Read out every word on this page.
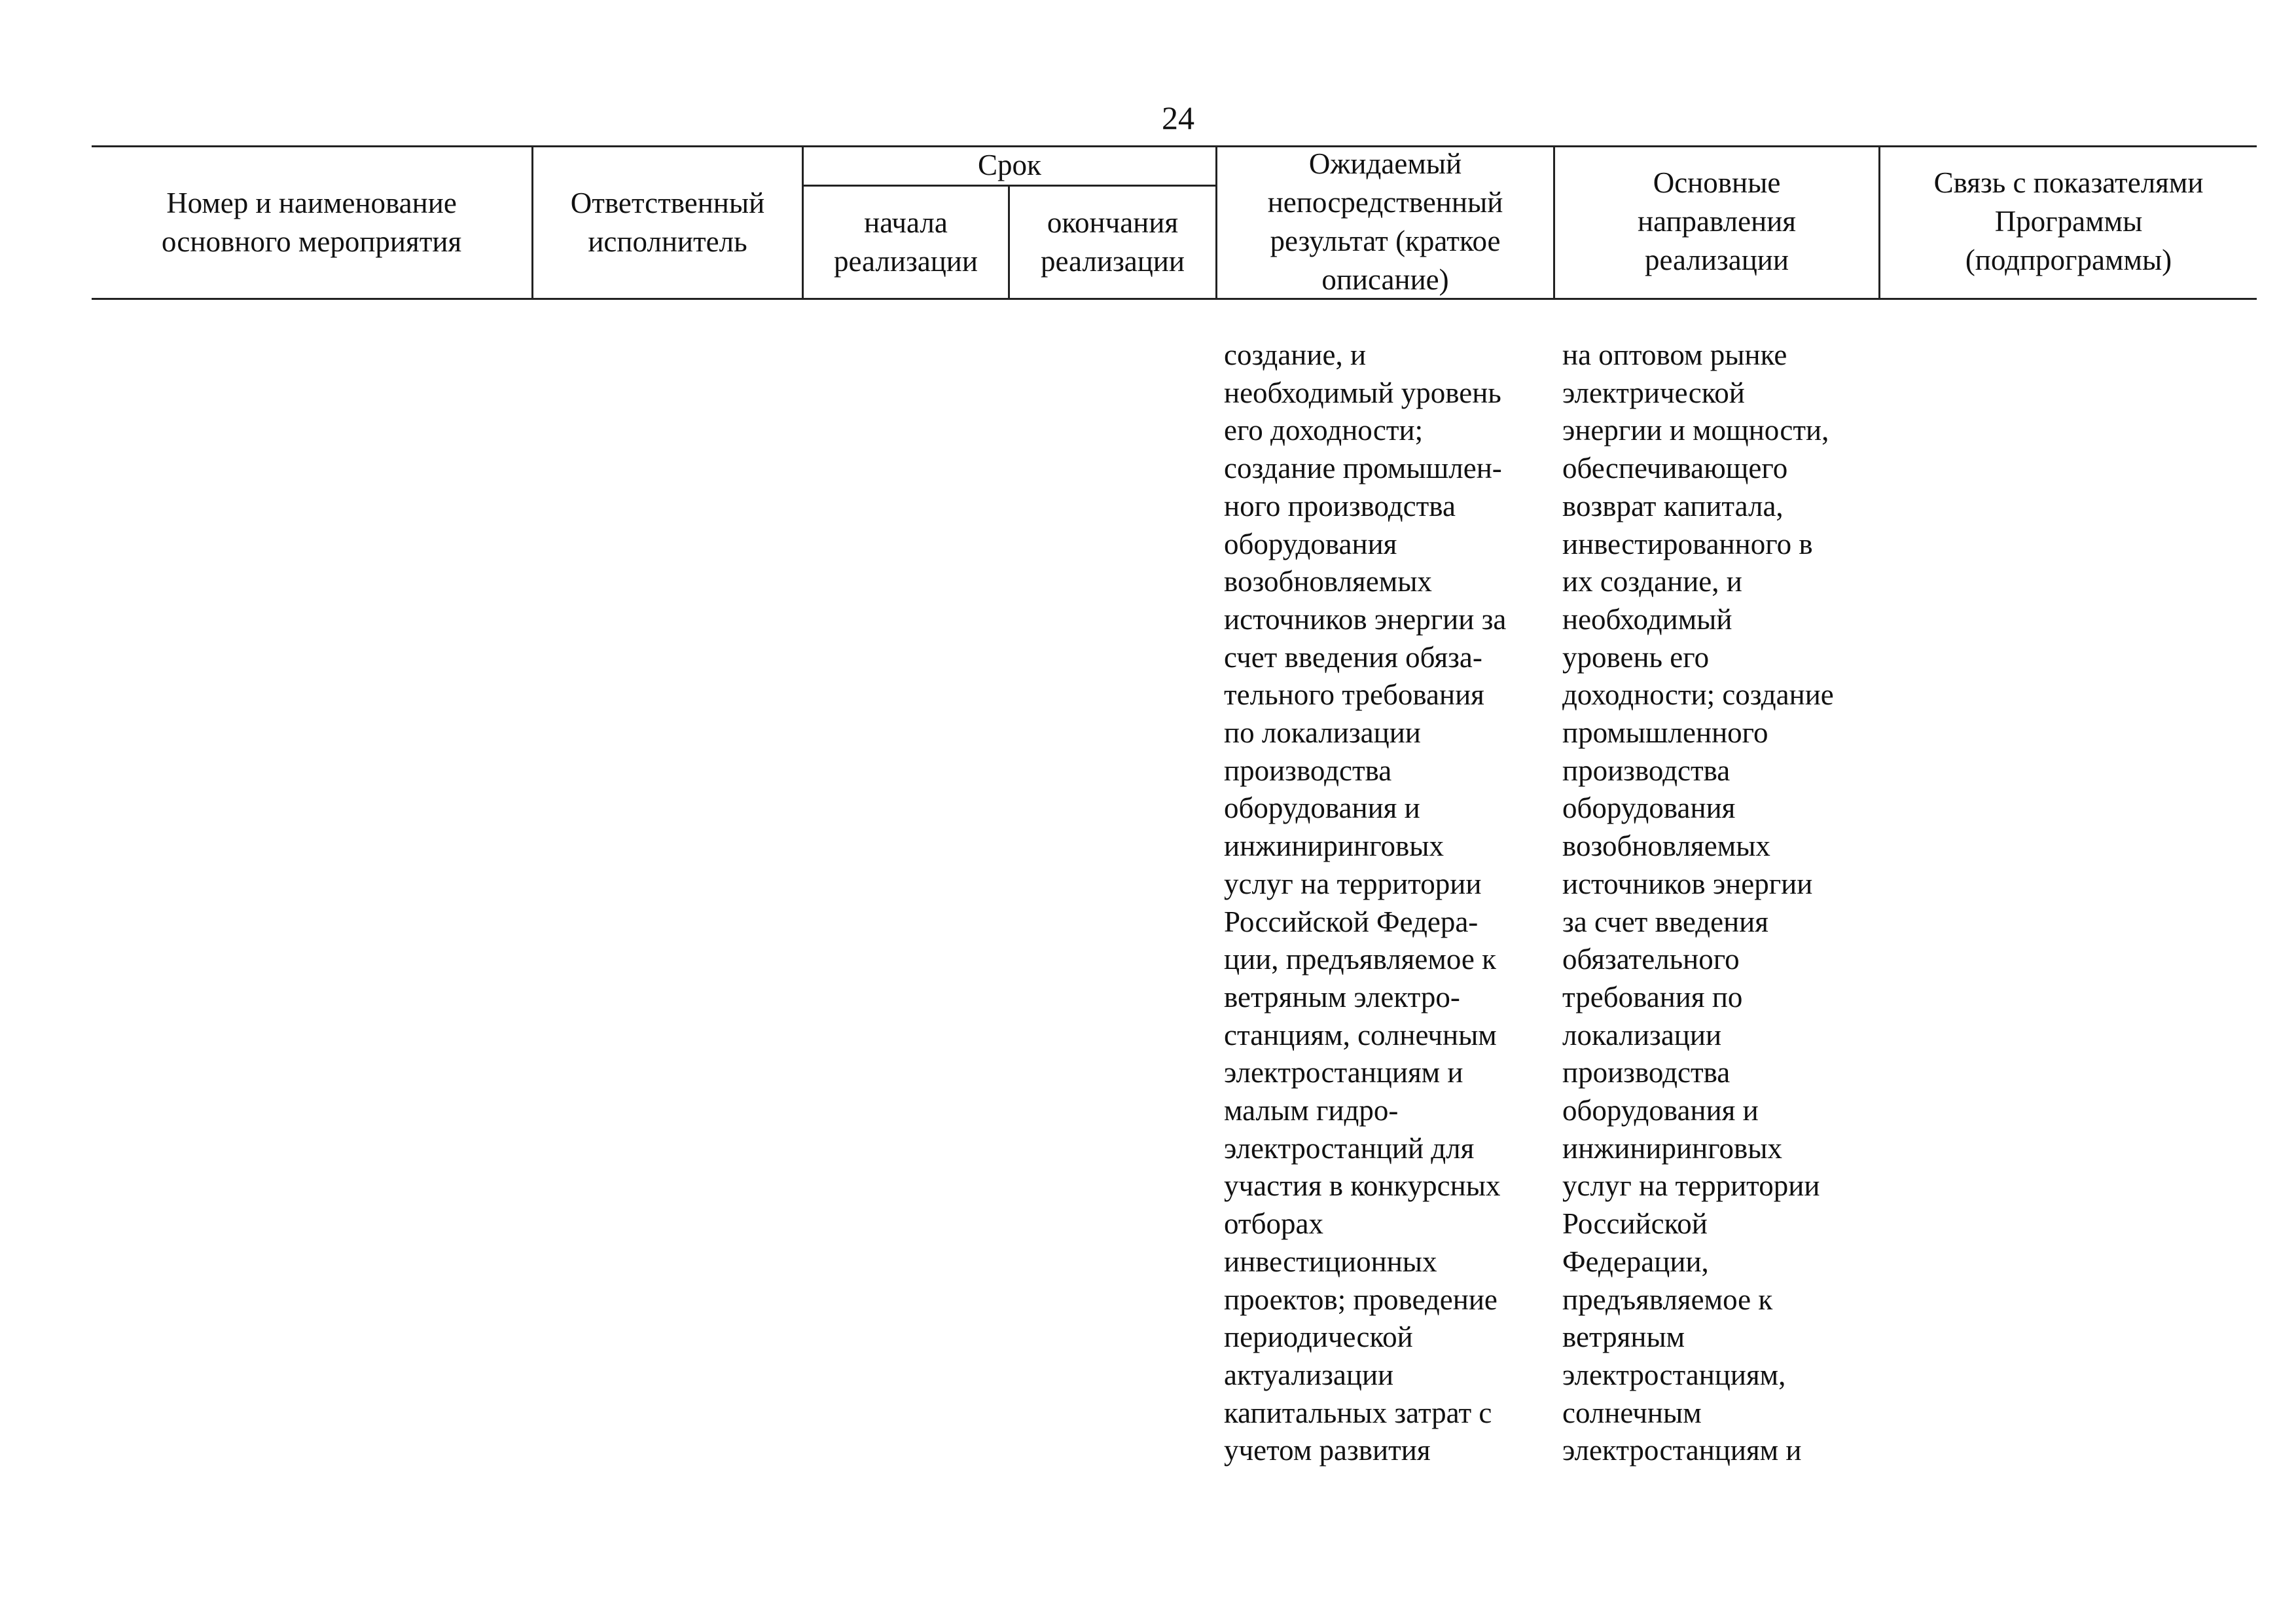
24
Номер и наименование
основного мероприятия
Ответственный
исполнитель
Срок
начала
реализации
окончания
реализации
Ожидаемый
непосредственный
результат (краткое
описание)
Основные
направления
реализации
Связь с показателями
Программы
(подпрограммы)
создание, и
необходимый уровень
его доходности;
создание промышлен-
ного производства
оборудования
возобновляемых
источников энергии за
счет введения обяза-
тельного требования
по локализации
производства
оборудования и
инжиниринговых
услуг на территории
Российской Федера-
ции, предъявляемое к
ветряным электро-
станциям, солнечным
электростанциям и
малым гидро-
электростанций для
участия в конкурсных
отборах
инвестиционных
проектов; проведение
периодической
актуализации
капитальных затрат с
учетом развития
на оптовом рынке
электрической
энергии и мощности,
обеспечивающего
возврат капитала,
инвестированного в
их создание, и
необходимый
уровень его
доходности; создание
промышленного
производства
оборудования
возобновляемых
источников энергии
за счет введения
обязательного
требования по
локализации
производства
оборудования и
инжиниринговых
услуг на территории
Российской
Федерации,
предъявляемое к
ветряным
электростанциям,
солнечным
электростанциям и
